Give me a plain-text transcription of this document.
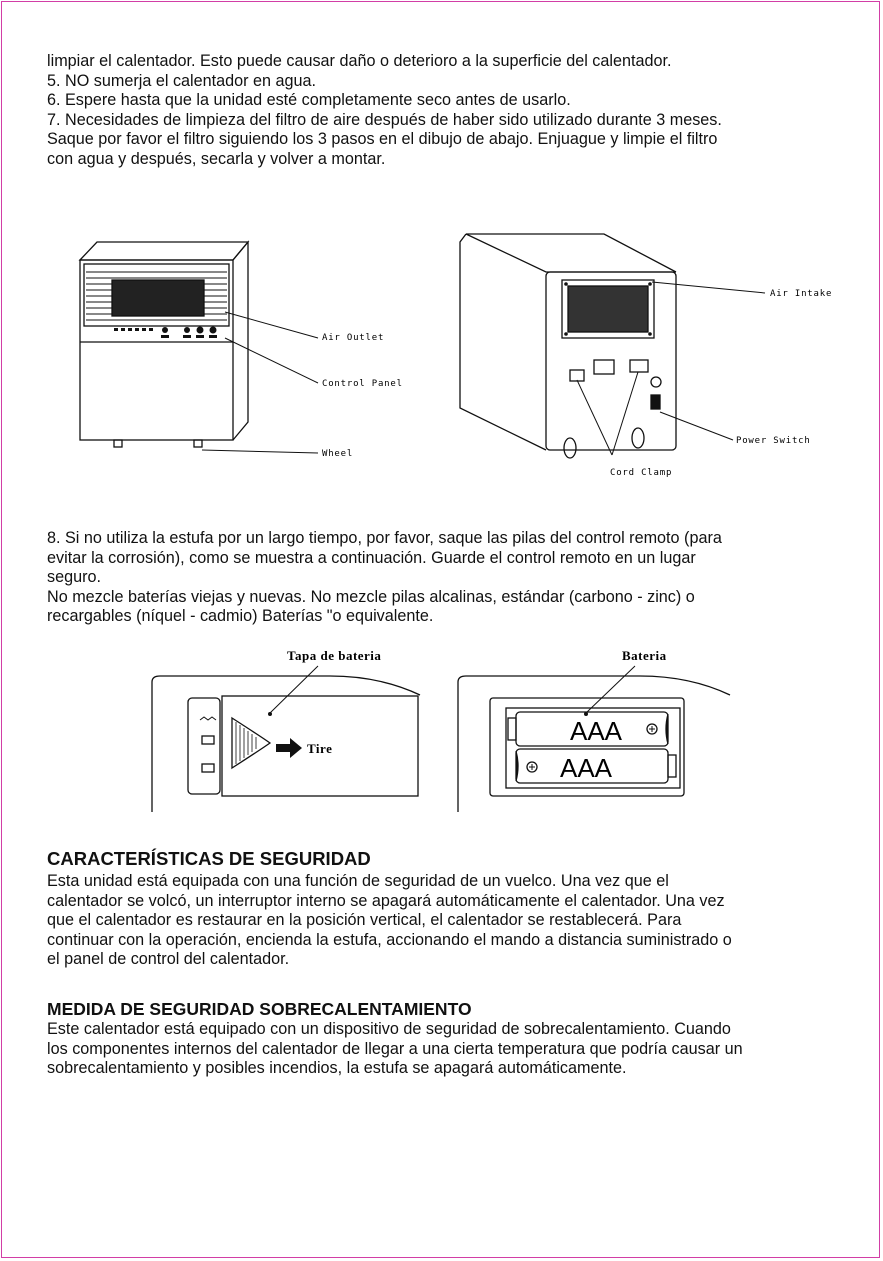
limpiar el calentador. Esto puede causar daño o deterioro a la superficie del calentador.
5. NO sumerja el calentador en agua.
6. Espere hasta que la unidad esté completamente seco antes de usarlo.
7. Necesidades de limpieza del filtro de aire después de haber sido utilizado durante 3 meses.
Saque por favor el filtro siguiendo los 3 pasos en el dibujo de abajo. Enjuague y limpie el filtro
con agua y después, secarla y volver a montar.
Air Outlet
Control Panel
Wheel
Air Intake
Power Switch
Cord Clamp
8. Si no utiliza la estufa por un largo tiempo, por favor, saque las pilas del control remoto (para
evitar la corrosión), como se muestra a continuación. Guarde el control remoto en un lugar
seguro.
No mezcle baterías viejas y nuevas. No mezcle pilas alcalinas, estándar (carbono - zinc) o
recargables (níquel - cadmio) Baterías "o equivalente.
Tapa de bateria
Tire
Bateria
AAA
AAA
CARACTERÍSTICAS DE SEGURIDAD
Esta unidad está equipada con una función de seguridad de un vuelco. Una vez que el
calentador se volcó, un interruptor interno se apagará automáticamente el calentador. Una vez
que el calentador es restaurar en la posición vertical, el calentador se restablecerá. Para
continuar con la operación, encienda la estufa, accionando el mando a distancia suministrado o
el panel de control del calentador.
MEDIDA DE SEGURIDAD SOBRECALENTAMIENTO
Este calentador está equipado con un dispositivo de seguridad de sobrecalentamiento. Cuando
los componentes internos del calentador de llegar a una cierta temperatura que podría causar un
sobrecalentamiento y posibles incendios, la estufa se apagará automáticamente.
